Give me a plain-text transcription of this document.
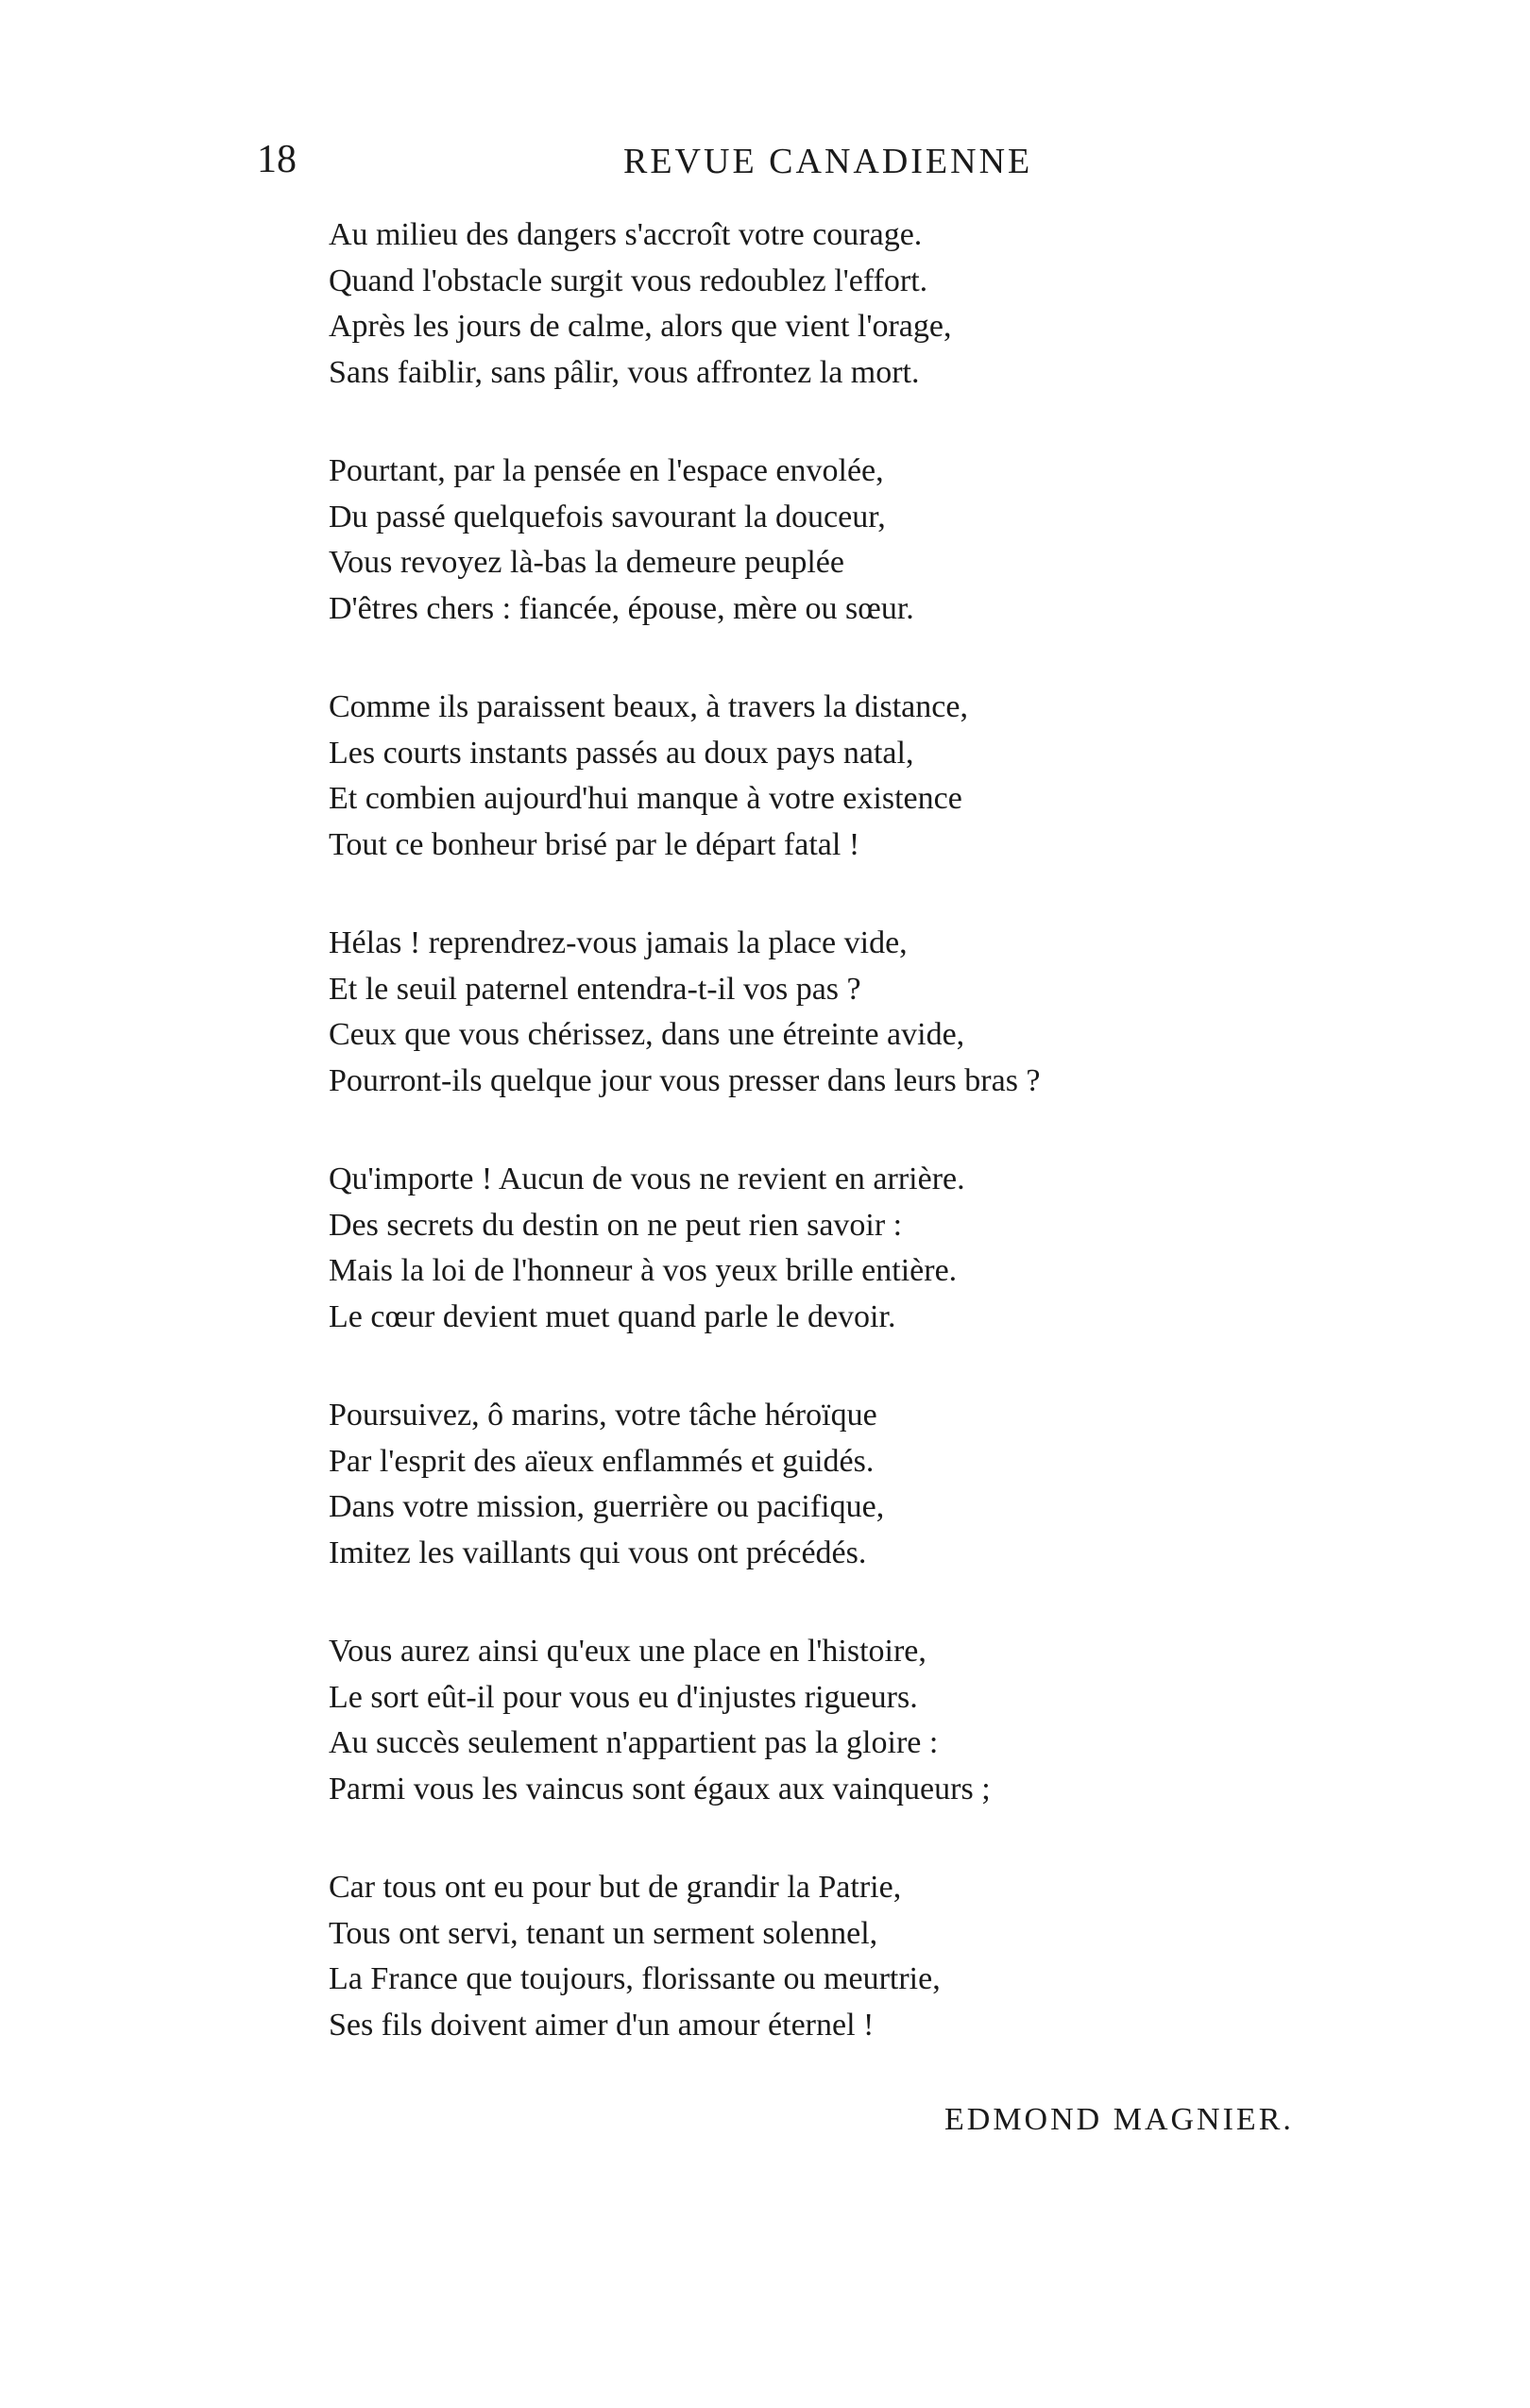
18	REVUE CANADIENNE
Au milieu des dangers s'accroît votre courage.
Quand l'obstacle surgit vous redoublez l'effort.
Après les jours de calme, alors que vient l'orage,
Sans faiblir, sans pâlir, vous affrontez la mort.
Pourtant, par la pensée en l'espace envolée,
Du passé quelquefois savourant la douceur,
Vous revoyez là-bas la demeure peuplée
D'êtres chers : fiancée, épouse, mère ou sœur.
Comme ils paraissent beaux, à travers la distance,
Les courts instants passés au doux pays natal,
Et combien aujourd'hui manque à votre existence
Tout ce bonheur brisé par le départ fatal !
Hélas ! reprendrez-vous jamais la place vide,
Et le seuil paternel entendra-t-il vos pas ?
Ceux que vous chérissez, dans une étreinte avide,
Pourront-ils quelque jour vous presser dans leurs bras ?
Qu'importe ! Aucun de vous ne revient en arrière.
Des secrets du destin on ne peut rien savoir :
Mais la loi de l'honneur à vos yeux brille entière.
Le cœur devient muet quand parle le devoir.
Poursuivez, ô marins, votre tâche héroïque
Par l'esprit des aïeux enflammés et guidés.
Dans votre mission, guerrière ou pacifique,
Imitez les vaillants qui vous ont précédés.
Vous aurez ainsi qu'eux une place en l'histoire,
Le sort eût-il pour vous eu d'injustes rigueurs.
Au succès seulement n'appartient pas la gloire :
Parmi vous les vaincus sont égaux aux vainqueurs ;
Car tous ont eu pour but de grandir la Patrie,
Tous ont servi, tenant un serment solennel,
La France que toujours, florissante ou meurtrie,
Ses fils doivent aimer d'un amour éternel !
EDMOND MAGNIER.
